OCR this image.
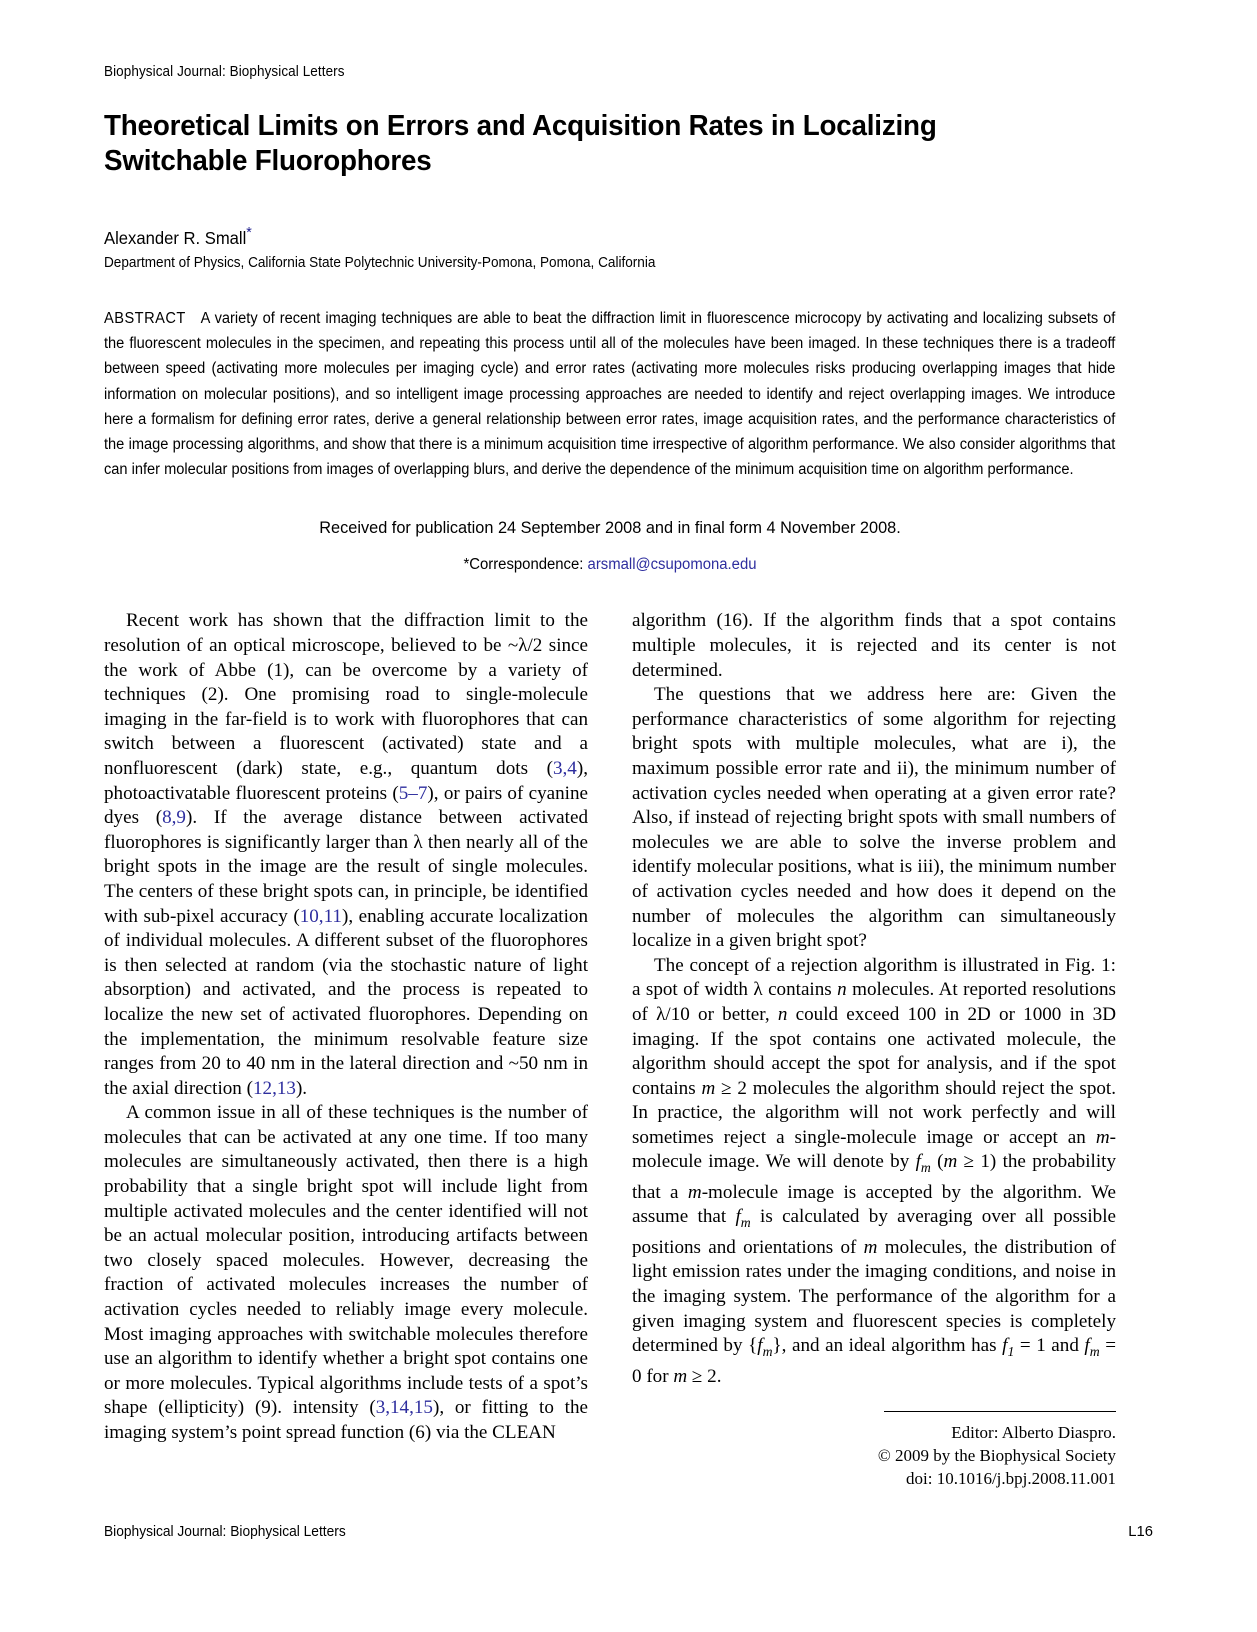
Biophysical Journal: Biophysical Letters
Theoretical Limits on Errors and Acquisition Rates in Localizing Switchable Fluorophores
Alexander R. Small*
Department of Physics, California State Polytechnic University-Pomona, Pomona, California
ABSTRACT A variety of recent imaging techniques are able to beat the diffraction limit in fluorescence microcopy by activating and localizing subsets of the fluorescent molecules in the specimen, and repeating this process until all of the molecules have been imaged. In these techniques there is a tradeoff between speed (activating more molecules per imaging cycle) and error rates (activating more molecules risks producing overlapping images that hide information on molecular positions), and so intelligent image processing approaches are needed to identify and reject overlapping images. We introduce here a formalism for defining error rates, derive a general relationship between error rates, image acquisition rates, and the performance characteristics of the image processing algorithms, and show that there is a minimum acquisition time irrespective of algorithm performance. We also consider algorithms that can infer molecular positions from images of overlapping blurs, and derive the dependence of the minimum acquisition time on algorithm performance.
Received for publication 24 September 2008 and in final form 4 November 2008.
*Correspondence: arsmall@csupomona.edu

Recent work has shown that the diffraction limit to the resolution of an optical microscope, believed to be ~λ/2 since the work of Abbe (1), can be overcome by a variety of techniques (2). One promising road to single-molecule imaging in the far-field is to work with fluorophores that can switch between a fluorescent (activated) state and a nonfluorescent (dark) state, e.g., quantum dots (3,4), photoactivatable fluorescent proteins (5–7), or pairs of cyanine dyes (8,9). If the average distance between activated fluorophores is significantly larger than λ then nearly all of the bright spots in the image are the result of single molecules. The centers of these bright spots can, in principle, be identified with sub-pixel accuracy (10,11), enabling accurate localization of individual molecules. A different subset of the fluorophores is then selected at random (via the stochastic nature of light absorption) and activated, and the process is repeated to localize the new set of activated fluorophores. Depending on the implementation, the minimum resolvable feature size ranges from 20 to 40 nm in the lateral direction and ~50 nm in the axial direction (12,13).

A common issue in all of these techniques is the number of molecules that can be activated at any one time. If too many molecules are simultaneously activated, then there is a high probability that a single bright spot will include light from multiple activated molecules and the center identified will not be an actual molecular position, introducing artifacts between two closely spaced molecules. However, decreasing the fraction of activated molecules increases the number of activation cycles needed to reliably image every molecule. Most imaging approaches with switchable molecules therefore use an algorithm to identify whether a bright spot contains one or more molecules. Typical algorithms include tests of a spot’s shape (ellipticity) (9). intensity (3,14,15), or fitting to the imaging system’s point spread function (6) via the CLEAN

algorithm (16). If the algorithm finds that a spot contains multiple molecules, it is rejected and its center is not determined.

The questions that we address here are: Given the performance characteristics of some algorithm for rejecting bright spots with multiple molecules, what are i), the maximum possible error rate and ii), the minimum number of activation cycles needed when operating at a given error rate? Also, if instead of rejecting bright spots with small numbers of molecules we are able to solve the inverse problem and identify molecular positions, what is iii), the minimum number of activation cycles needed and how does it depend on the number of molecules the algorithm can simultaneously localize in a given bright spot?

The concept of a rejection algorithm is illustrated in Fig. 1: a spot of width λ contains n molecules. At reported resolutions of λ/10 or better, n could exceed 100 in 2D or 1000 in 3D imaging. If the spot contains one activated molecule, the algorithm should accept the spot for analysis, and if the spot contains m ≥ 2 molecules the algorithm should reject the spot. In practice, the algorithm will not work perfectly and will sometimes reject a single-molecule image or accept an m-molecule image. We will denote by $f_m$ (m ≥ 1) the probability that a m-molecule image is accepted by the algorithm. We assume that $f_m$ is calculated by averaging over all possible positions and orientations of m molecules, the distribution of light emission rates under the imaging conditions, and noise in the imaging system. The performance of the algorithm for a given imaging system and fluorescent species is completely determined by $\{f_m\}$, and an ideal algorithm has $f_1 = 1$ and $f_m = 0$ for m ≥ 2.

Editor: Alberto Diaspro.
© 2009 by the Biophysical Society
doi: 10.1016/j.bpj.2008.11.001
Biophysical Journal: Biophysical Letters	L16
